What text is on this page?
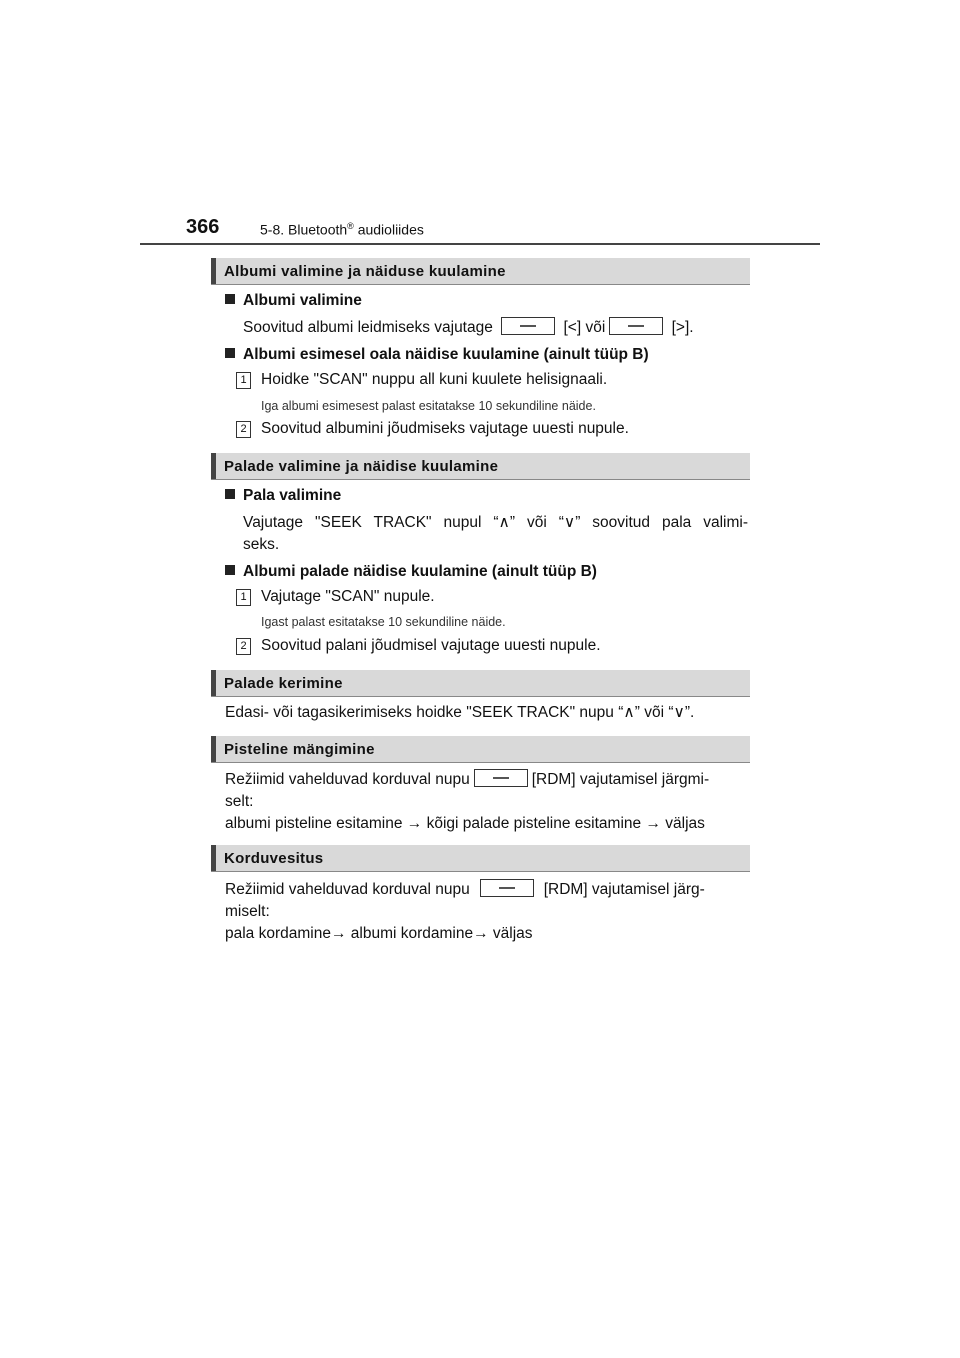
366	5-8. Bluetooth® audioliides
Albumi valimine ja näiduse kuulamine
Albumi valimine
Soovitud albumi leidmiseks vajutage	[<] või	[>].
Albumi esimesel oala näidise kuulamine (ainult tüüp B)
1 Hoidke "SCAN" nuppu all kuni kuulete helisignaali.
Iga albumi esimesest palast esitatakse 10 sekundiline näide.
2 Soovitud albumini jõudmiseks vajutage uuesti nupule.
Palade valimine ja näidise kuulamine
Pala valimine
Vajutage "SEEK TRACK" nupul “∧” või “∨” soovitud pala valimi-
seks.
Albumi palade näidise kuulamine (ainult tüüp B)
1 Vajutage "SCAN" nupule.
Igast palast esitatakse 10 sekundiline näide.
2 Soovitud palani jõudmisel vajutage uuesti nupule.
Palade kerimine
Edasi- või tagasikerimiseks hoidke "SEEK TRACK" nupu “∧” või “∨”.
Pisteline mängimine
Režiimid vahelduvad korduval nupu	[RDM] vajutamisel järgmi-
selt:
albumi pisteline esitamine → kõigi palade pisteline esitamine → väljas
Korduvesitus
Režiimid vahelduvad korduval nupu	[RDM] vajutamisel järg-
miselt:
pala kordamine→ albumi kordamine→ väljas
